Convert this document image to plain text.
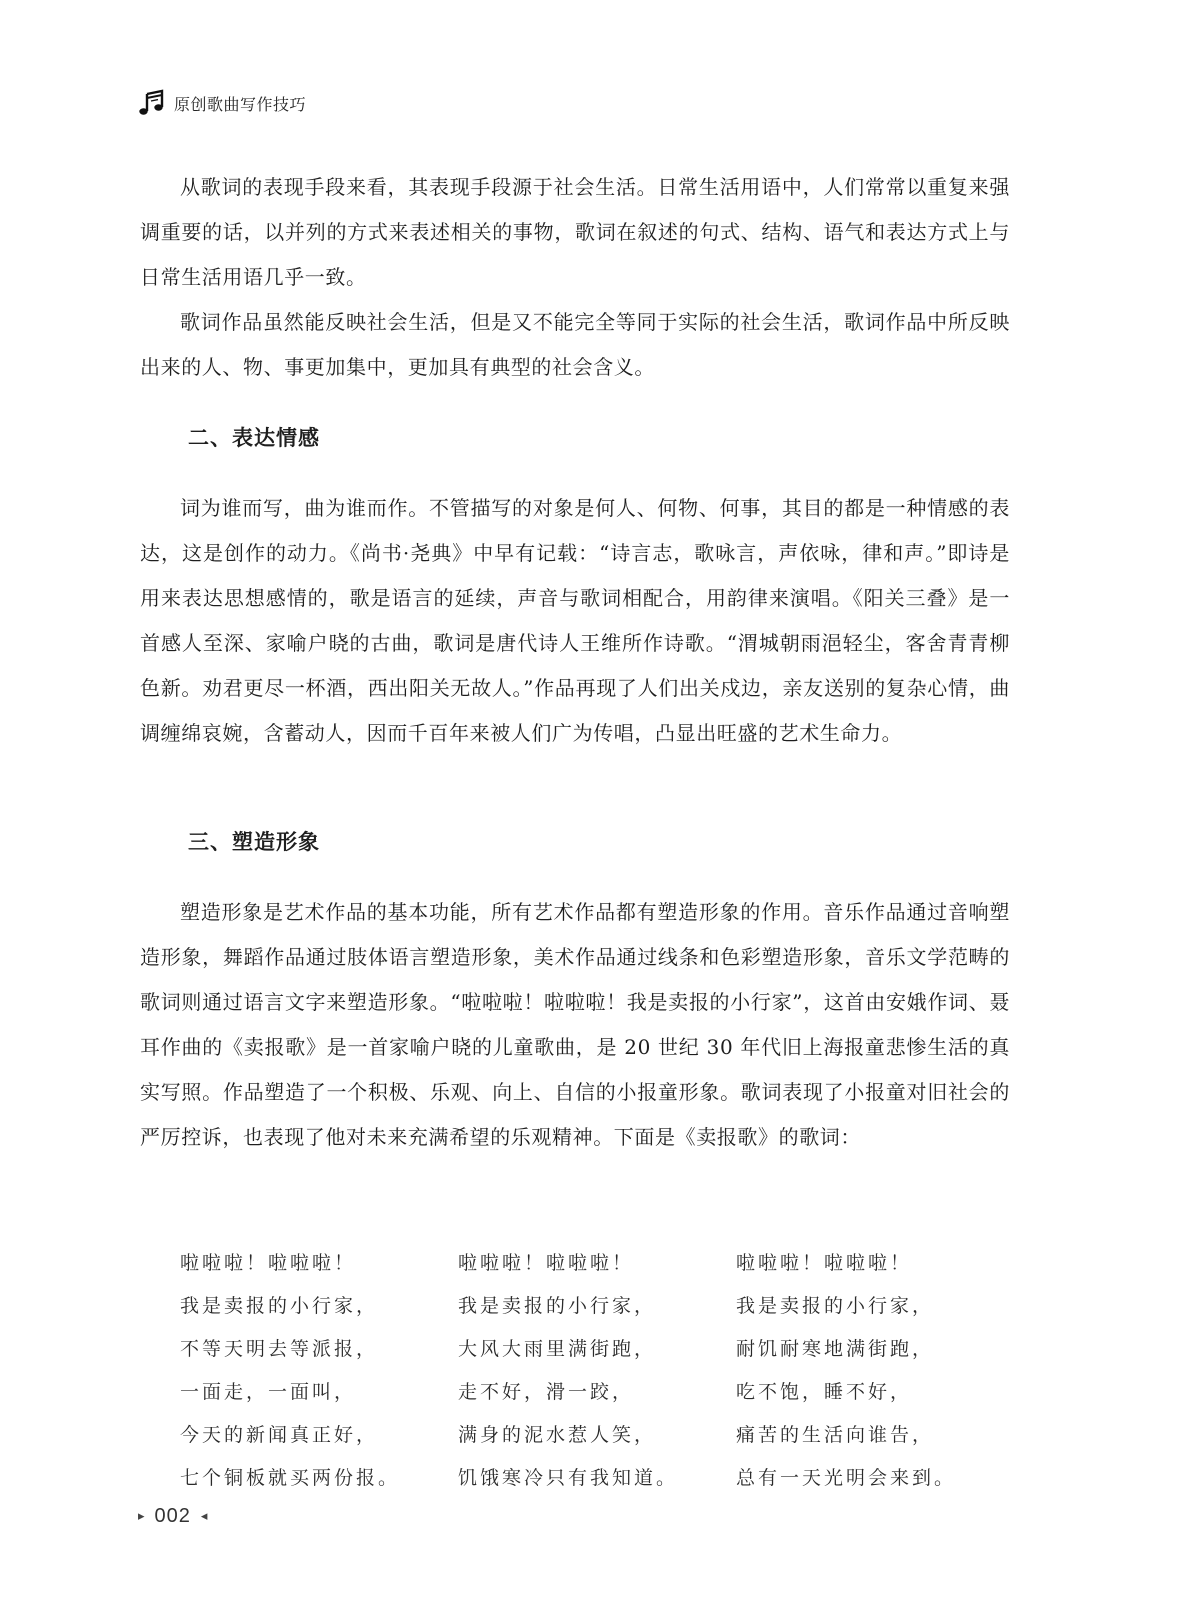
原创歌曲写作技巧

从歌词的表现手段来看，其表现手段源于社会生活。日常生活用语中，人们常常以重复来强调重要的话，以并列的方式来表述相关的事物，歌词在叙述的句式、结构、语气和表达方式上与日常生活用语几乎一致。

歌词作品虽然能反映社会生活，但是又不能完全等同于实际的社会生活，歌词作品中所反映出来的人、物、事更加集中，更加具有典型的社会含义。

二、表达情感

词为谁而写，曲为谁而作。不管描写的对象是何人、何物、何事，其目的都是一种情感的表达，这是创作的动力。《尚书·尧典》中早有记载：“诗言志，歌咏言，声依咏，律和声。”即诗是用来表达思想感情的，歌是语言的延续，声音与歌词相配合，用韵律来演唱。《阳关三叠》是一首感人至深、家喻户晓的古曲，歌词是唐代诗人王维所作诗歌。“渭城朝雨浥轻尘，客舍青青柳色新。劝君更尽一杯酒，西出阳关无故人。”作品再现了人们出关戍边，亲友送别的复杂心情，曲调缠绵哀婉，含蓄动人，因而千百年来被人们广为传唱，凸显出旺盛的艺术生命力。

三、塑造形象

塑造形象是艺术作品的基本功能，所有艺术作品都有塑造形象的作用。音乐作品通过音响塑造形象，舞蹈作品通过肢体语言塑造形象，美术作品通过线条和色彩塑造形象，音乐文学范畴的歌词则通过语言文字来塑造形象。“啦啦啦！啦啦啦！我是卖报的小行家”，这首由安娥作词、聂耳作曲的《卖报歌》是一首家喻户晓的儿童歌曲，是 20 世纪 30 年代旧上海报童悲惨生活的真实写照。作品塑造了一个积极、乐观、向上、自信的小报童形象。歌词表现了小报童对旧社会的严厉控诉，也表现了他对未来充满希望的乐观精神。下面是《卖报歌》的歌词：

啦啦啦！啦啦啦！
我是卖报的小行家，
不等天明去等派报，
一面走，一面叫，
今天的新闻真正好，
七个铜板就买两份报。
啦啦啦！啦啦啦！
我是卖报的小行家，
大风大雨里满街跑，
走不好，滑一跤，
满身的泥水惹人笑，
饥饿寒冷只有我知道。
啦啦啦！啦啦啦！
我是卖报的小行家，
耐饥耐寒地满街跑，
吃不饱，睡不好，
痛苦的生活向谁告，
总有一天光明会来到。
▸ 002 ◂
